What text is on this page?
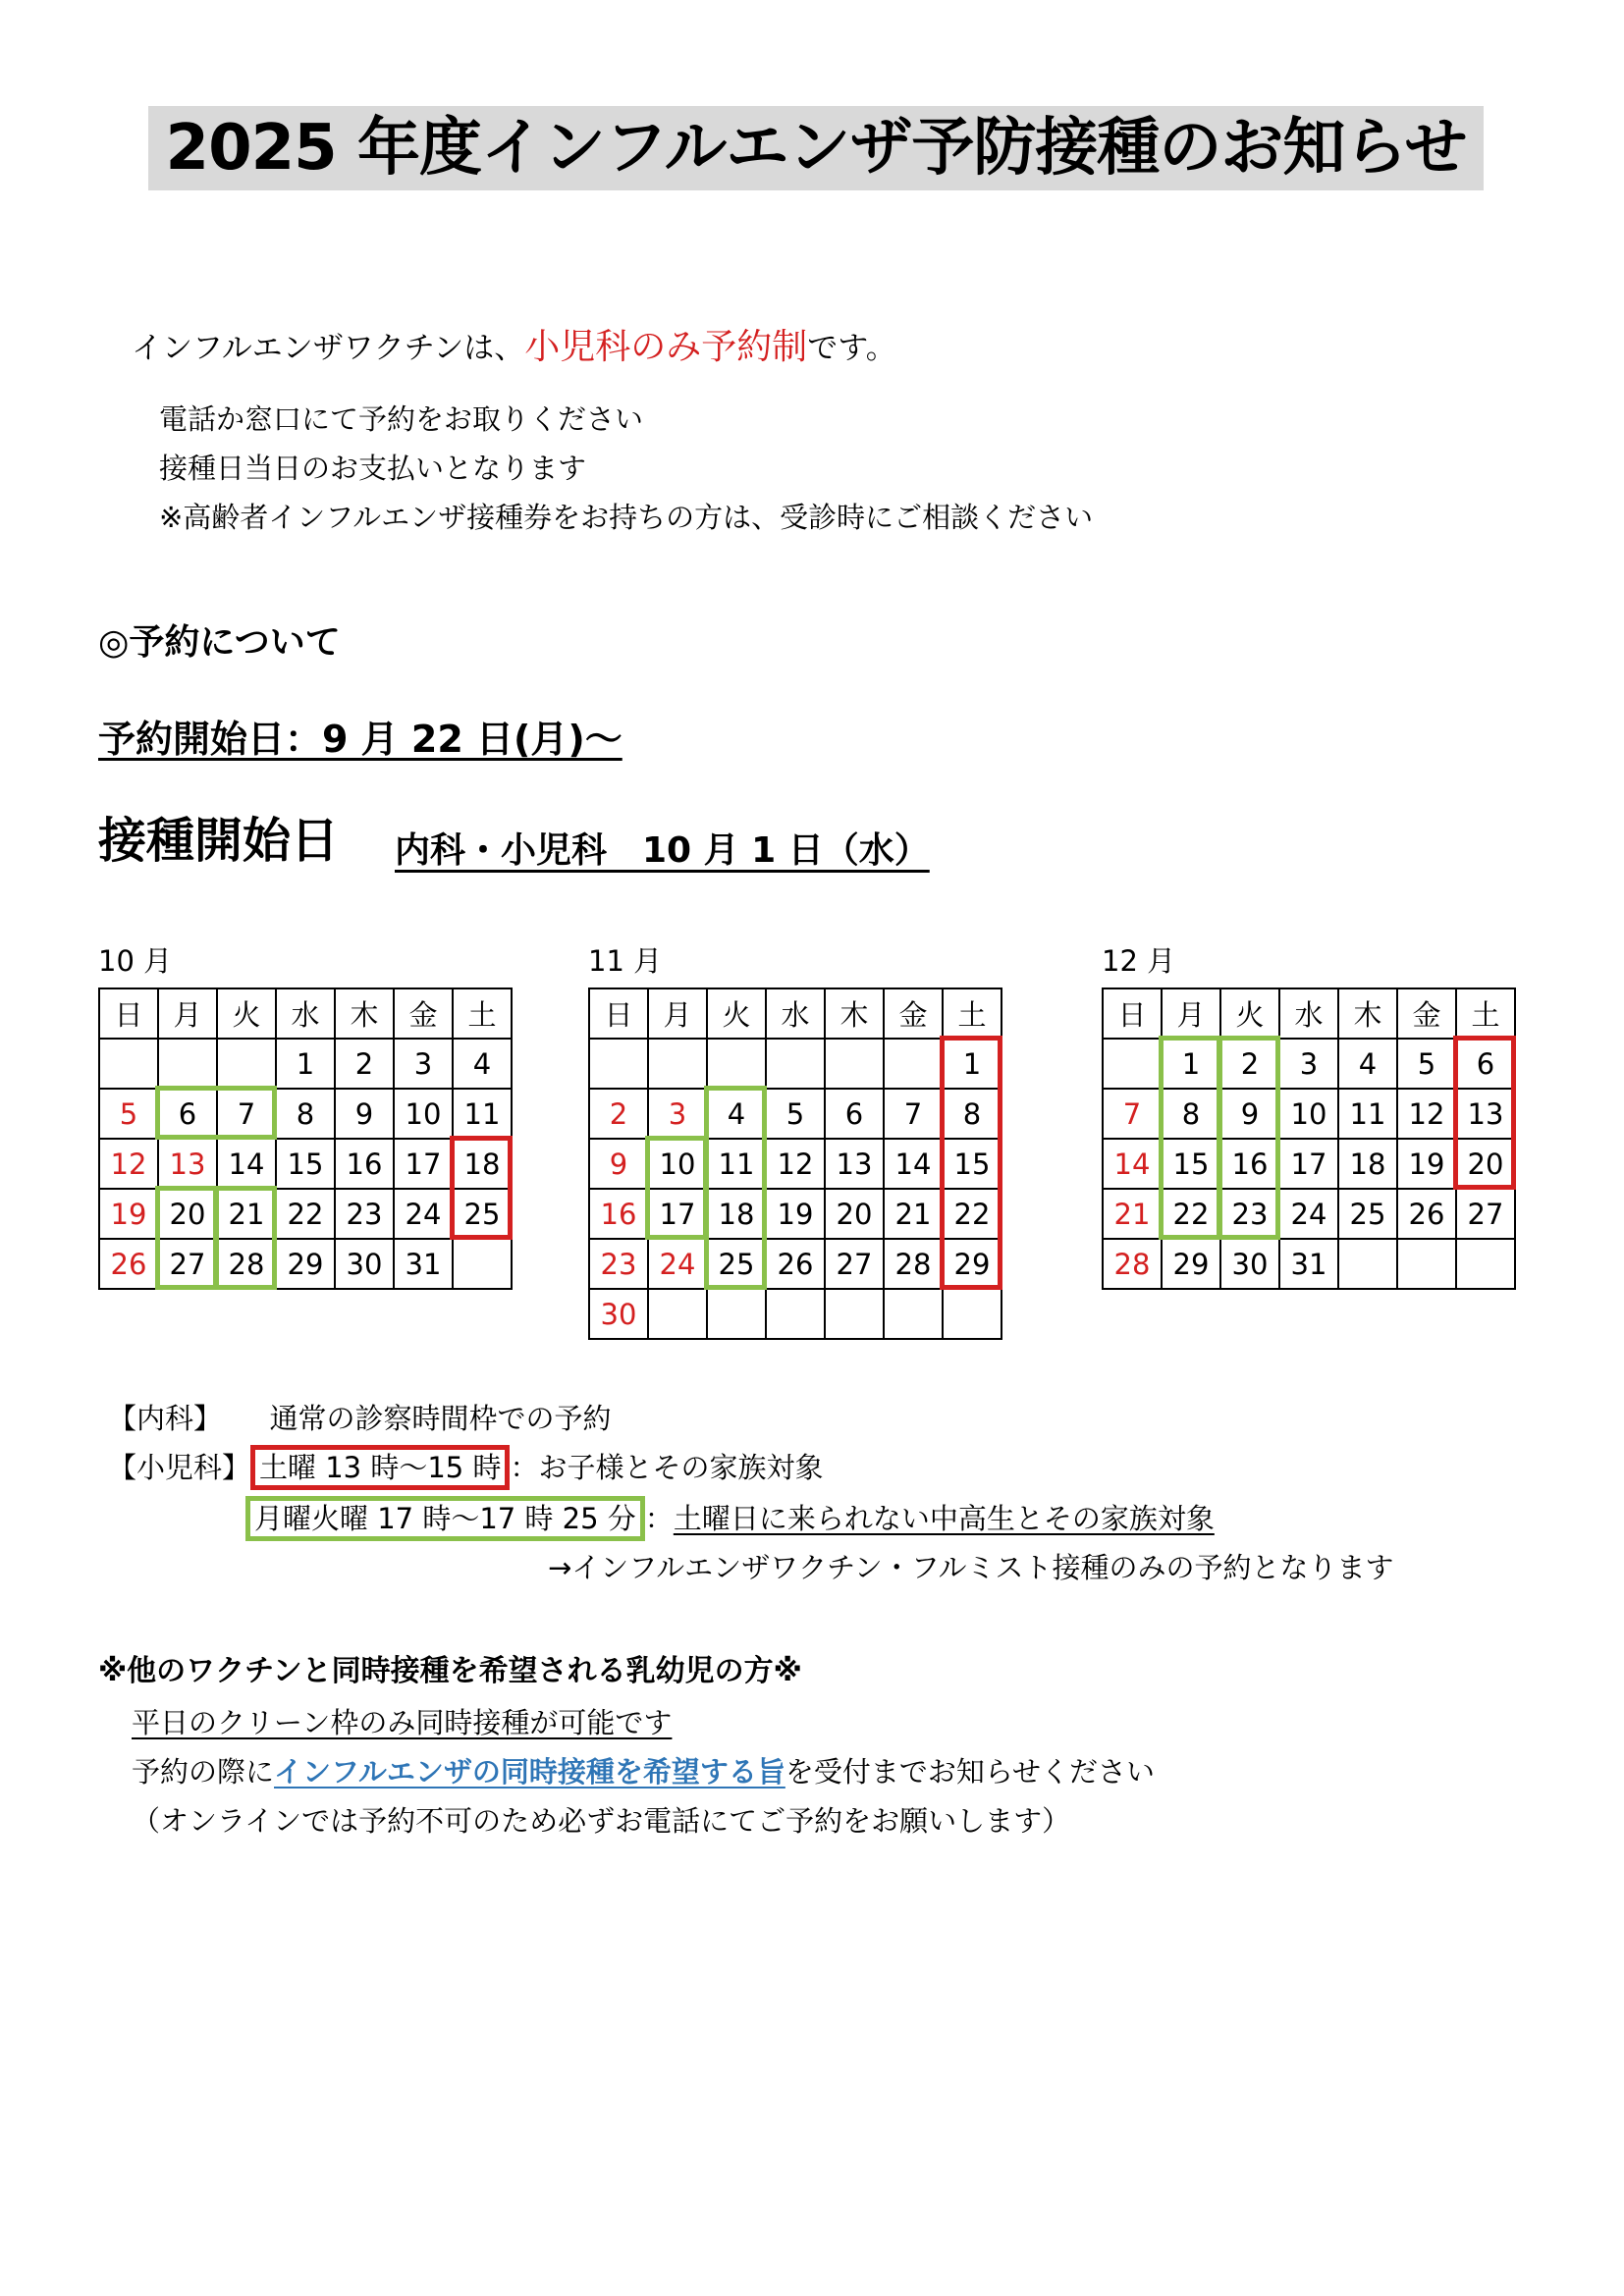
2025 年度インフルエンザ予防接種のお知らせ

インフルエンザワクチンは、小児科のみ予約制です。

電話か窓口にて予約をお取りください
接種日当日のお支払いとなります
※高齢者インフルエンザ接種券をお持ちの方は、受診時にご相談ください

◎予約について

予約開始日：9 月 22 日(月)～

接種開始日 内科・小児科　10 月 1 日（水）

10 月
日	月	火	水	木	金	土
			1	2	3	4
5	6	7	8	9	10	11
12	13	14	15	16	17	18
19	20	21	22	23	24	25
26	27	28	29	30	31	
11 月
日	月	火	水	木	金	土
						1
2	3	4	5	6	7	8
9	10	11	12	13	14	15
16	17	18	19	20	21	22
23	24	25	26	27	28	29
30						
12 月
日	月	火	水	木	金	土
	1	2	3	4	5	6
7	8	9	10	11	12	13
14	15	16	17	18	19	20
21	22	23	24	25	26	27
28	29	30	31			
【内科】 通常の診察時間枠での予約
【小児科】 土曜 13 時～15 時 ：お子様とその家族対象
月曜火曜 17 時～17 時 25 分 ：土曜日に来られない中高生とその家族対象
→インフルエンザワクチン・フルミスト接種のみの予約となります
※他のワクチンと同時接種を希望される乳幼児の方※
平日のクリーン枠のみ同時接種が可能です
予約の際にインフルエンザの同時接種を希望する旨を受付までお知らせください
（オンラインでは予約不可のため必ずお電話にてご予約をお願いします）
